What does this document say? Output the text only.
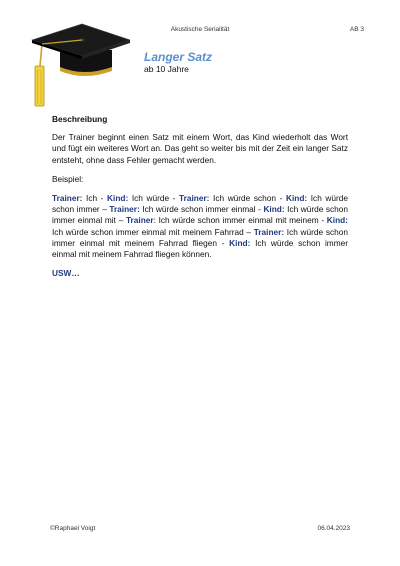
Akustische Serialität	AB 3
Langer Satz
ab 10 Jahre

Beschreibung

Der Trainer beginnt einen Satz mit einem Wort, das Kind wiederholt das Wort und fügt ein weiteres Wort an. Das geht so weiter bis mit der Zeit ein langer Satz entsteht, ohne dass Fehler gemacht werden.

Beispiel:

Trainer: Ich - Kind: Ich würde - Trainer: Ich würde schon - Kind: Ich würde schon immer – Trainer: Ich würde schon immer einmal - Kind: Ich würde schon immer einmal mit – Trainer: Ich würde schon immer einmal mit meinem - Kind: Ich würde schon immer einmal mit meinem Fahrrad – Trainer: Ich würde schon immer einmal mit meinem Fahrrad fliegen - Kind: Ich würde schon immer einmal mit meinem Fahrrad fliegen können.

USW…

©Raphael Voigt	06.04.2023
